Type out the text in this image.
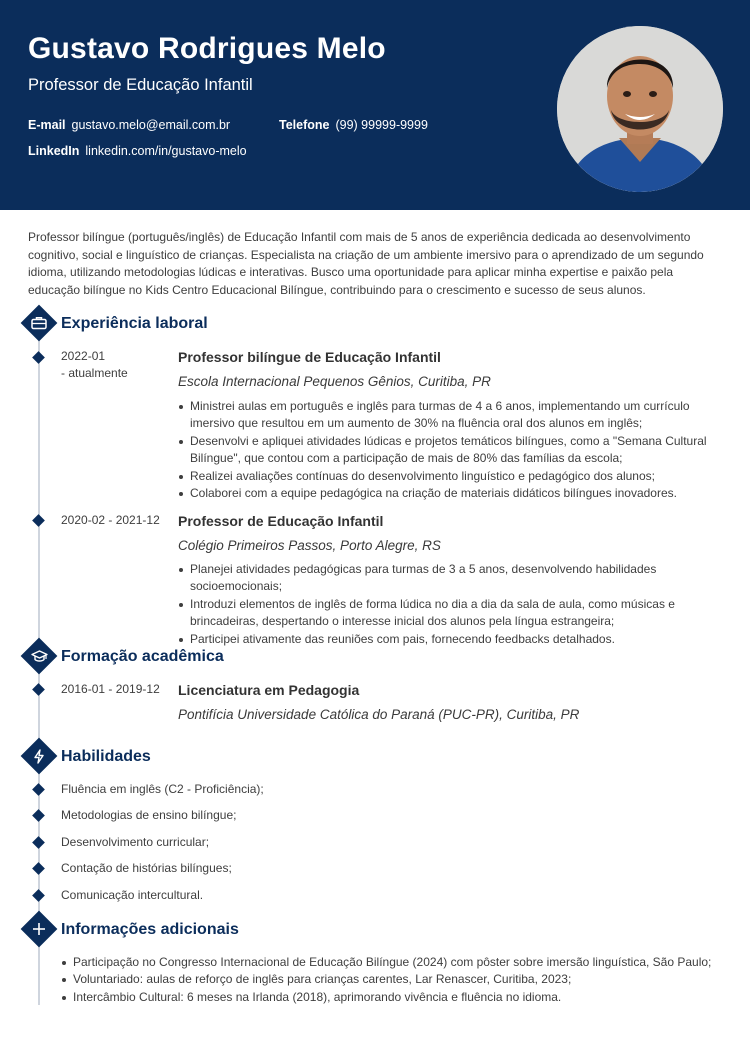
Gustavo Rodrigues Melo
Professor de Educação Infantil
E-mail gustavo.melo@email.com.br	Telefone (99) 99999-9999
LinkedIn linkedin.com/in/gustavo-melo

Professor bilíngue (português/inglês) de Educação Infantil com mais de 5 anos de experiência dedicada ao desenvolvimento cognitivo, social e linguístico de crianças. Especialista na criação de um ambiente imersivo para o aprendizado de um segundo idioma, utilizando metodologias lúdicas e interativas. Busco uma oportunidade para aplicar minha expertise e paixão pela educação bilíngue no Kids Centro Educacional Bilíngue, contribuindo para o crescimento e sucesso de seus alunos.

Experiência laboral
2022-01
- atualmente
Professor bilíngue de Educação Infantil
Escola Internacional Pequenos Gênios, Curitiba, PR
Ministrei aulas em português e inglês para turmas de 4 a 6 anos, implementando um currículo imersivo que resultou em um aumento de 30% na fluência oral dos alunos em inglês;
Desenvolvi e apliquei atividades lúdicas e projetos temáticos bilíngues, como a "Semana Cultural Bilíngue", que contou com a participação de mais de 80% das famílias da escola;
Realizei avaliações contínuas do desenvolvimento linguístico e pedagógico dos alunos;
Colaborei com a equipe pedagógica na criação de materiais didáticos bilíngues inovadores.
2020-02 - 2021-12 Professor de Educação Infantil
Colégio Primeiros Passos, Porto Alegre, RS
Planejei atividades pedagógicas para turmas de 3 a 5 anos, desenvolvendo habilidades socioemocionais;
Introduzi elementos de inglês de forma lúdica no dia a dia da sala de aula, como músicas e brincadeiras, despertando o interesse inicial dos alunos pela língua estrangeira;
Participei ativamente das reuniões com pais, fornecendo feedbacks detalhados.
Formação acadêmica
2016-01 - 2019-12 Licenciatura em Pedagogia
Pontifícia Universidade Católica do Paraná (PUC-PR), Curitiba, PR
Habilidades
Fluência em inglês (C2 - Proficiência);
Metodologias de ensino bilíngue;
Desenvolvimento curricular;
Contação de histórias bilíngues;
Comunicação intercultural.
Informações adicionais
Participação no Congresso Internacional de Educação Bilíngue (2024) com pôster sobre imersão linguística, São Paulo;
Voluntariado: aulas de reforço de inglês para crianças carentes, Lar Renascer, Curitiba, 2023;
Intercâmbio Cultural: 6 meses na Irlanda (2018), aprimorando vivência e fluência no idioma.
